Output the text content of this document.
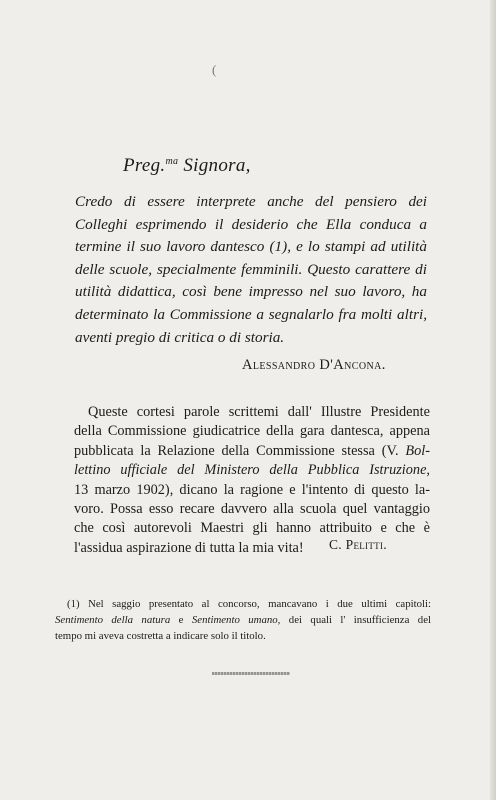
(
Preg.$^{ma}$ Signora,
Credo di essere interprete anche del pensiero dei
Colleghi esprimendo il desiderio che Ella conduca a
termine il suo lavoro dantesco (1), e lo stampi ad utilità
delle scuole, specialmente femminili. Questo carattere di
utilità didattica, così bene impresso nel suo lavoro, ha
determinato la Commissione a segnalarlo fra molti altri,
aventi pregio di critica o di storia.
Alessandro D'Ancona.
Queste cortesi parole scrittemi dall' Illustre Presidente
della Commissione giudicatrice della gara dantesca, appena
pubblicata la Relazione della Commissione stessa (V. Bol-
lettino ufficiale del Ministero della Pubblica Istruzione,
13 marzo 1902), dicano la ragione e l'intento di questo la-
voro. Possa esso recare davvero alla scuola quel vantaggio
che così autorevoli Maestri gli hanno attribuito e che è
l'assidua aspirazione di tutta la mia vita!	C. Pelitti.
(1) Nel saggio presentato al concorso, mancavano i due ultimi capitoli:
Sentimento della natura e Sentimento umano, dei quali l' insufficienza del
tempo mi aveva costretta a indicare solo il titolo.
